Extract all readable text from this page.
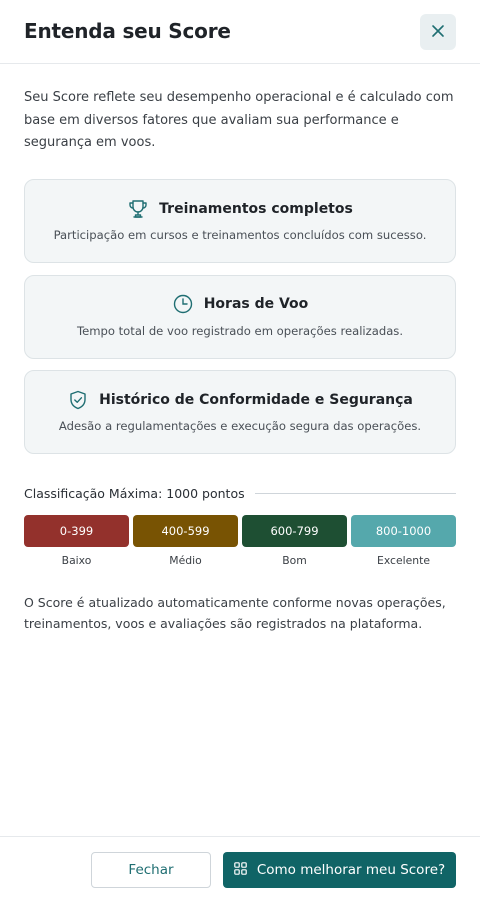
Entenda seu Score

Seu Score reflete seu desempenho operacional e é calculado com base em diversos fatores que avaliam sua performance e segurança em voos.

Treinamentos completos
Participação em cursos e treinamentos concluídos com sucesso.
Horas de Voo
Tempo total de voo registrado em operações realizadas.
Histórico de Conformidade e Segurança
Adesão a regulamentações e execução segura das operações.
Classificação Máxima: 1000 pontos
0-399
Baixo
400-599
Médio
600-799
Bom
800-1000
Excelente

O Score é atualizado automaticamente conforme novas operações, treinamentos, voos e avaliações são registrados na plataforma.

Fechar	Como melhorar meu Score?
